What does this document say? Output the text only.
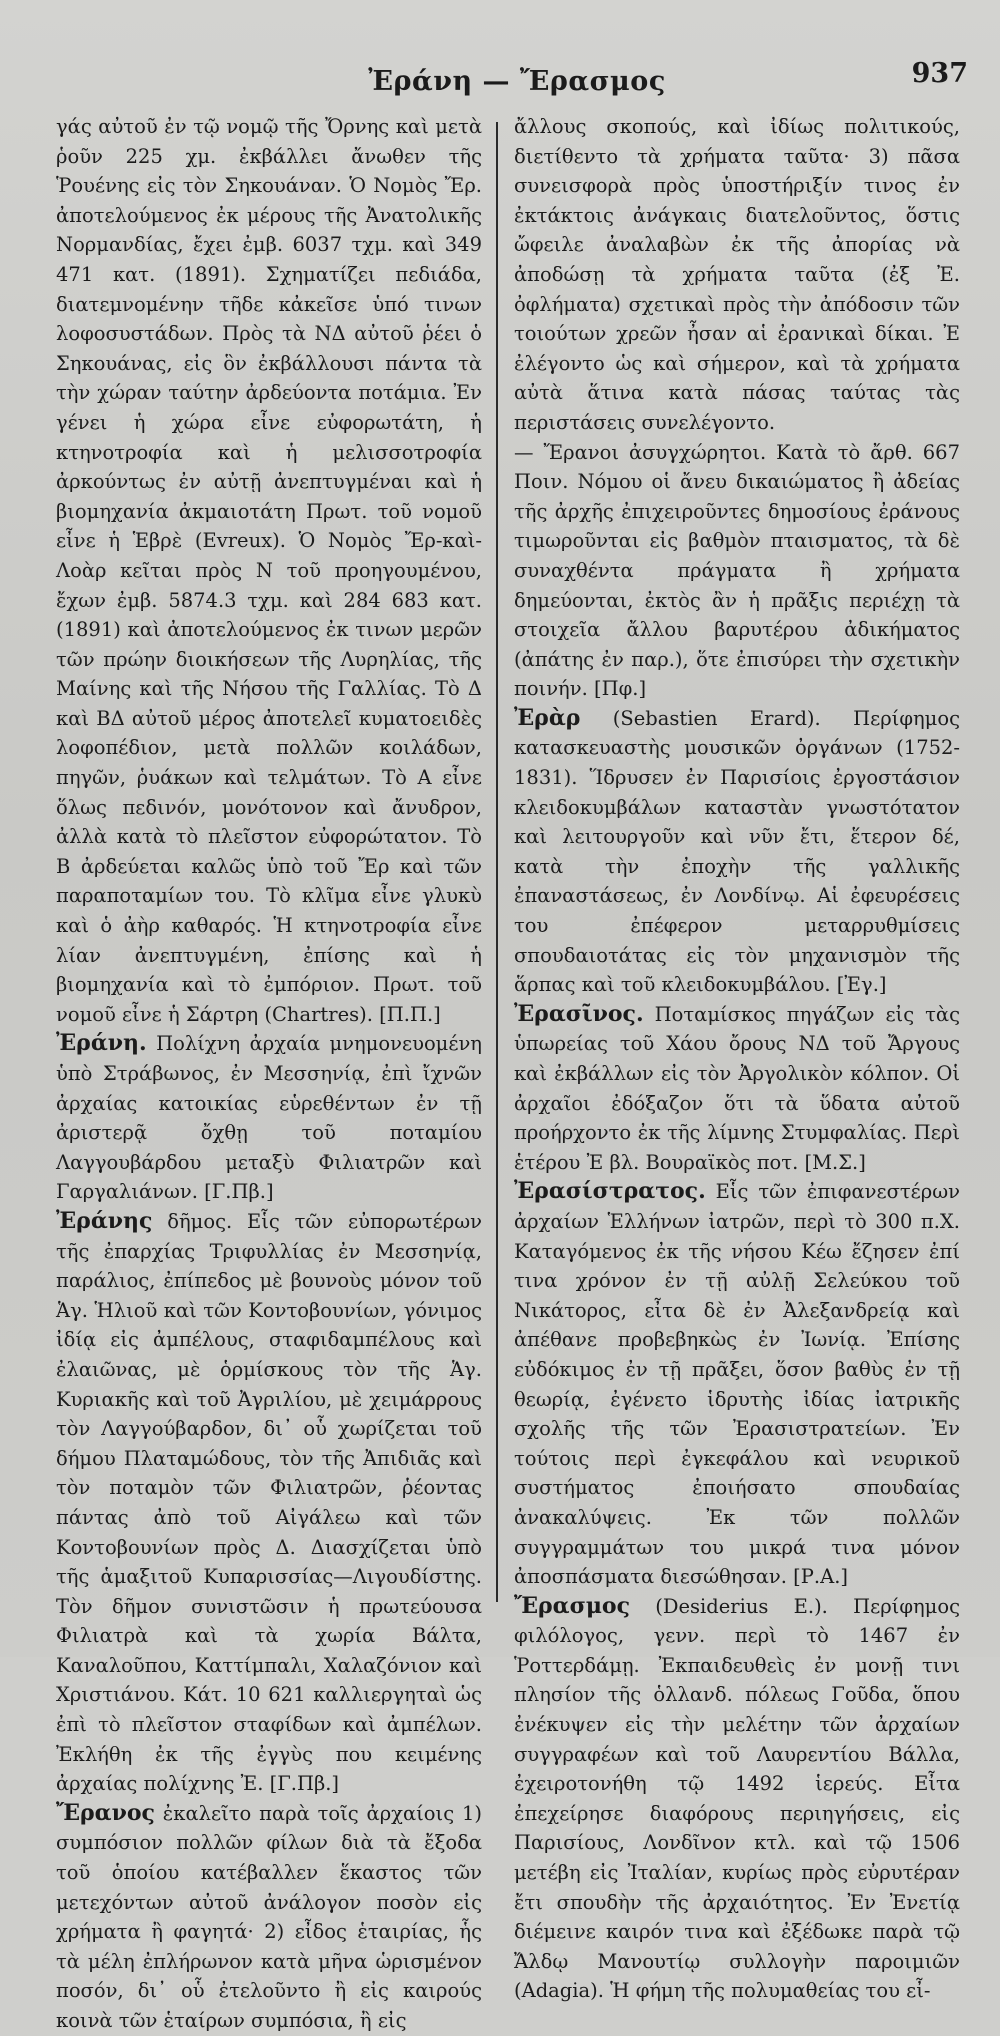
Ἐράνη — Ἔρασμος	937

γάς αὐτοῦ ἐν τῷ νομῷ τῆς Ὄρνης καὶ μετὰ ῥοῦν 225 χμ. ἐκβάλλει ἄνωθεν τῆς Ῥουένης εἰς τὸν Σηκουάναν. Ὁ Νομὸς Ἔρ. ἀποτελούμενος ἐκ μέρους τῆς Ἀνατολικῆς Νορμανδίας, ἔχει ἐμβ. 6037 τχμ. καὶ 349 471 κατ. (1891). Σχηματίζει πεδιάδα, διατεμνομένην τῆδε κἀκεῖσε ὑπό τινων λοφοσυστάδων. Πρὸς τὰ ΝΔ αὐτοῦ ῥέει ὁ Σηκουάνας, εἰς ὃν ἐκβάλλουσι πάντα τὰ τὴν χώραν ταύτην ἀρδεύοντα ποτάμια. Ἐν γένει ἡ χώρα εἶνε εὐφορωτάτη, ἡ κτηνοτροφία καὶ ἡ μελισσοτροφία ἀρκούντως ἐν αὐτῇ ἀνεπτυγμέναι καὶ ἡ βιομηχανία ἀκμαιοτάτη Πρωτ. τοῦ νομοῦ εἶνε ἡ Ἑβρὲ (Evreux). Ὁ Νομὸς Ἔρ-καὶ-Λοὰρ κεῖται πρὸς Ν τοῦ προηγουμένου, ἔχων ἐμβ. 5874.3 τχμ. καὶ 284 683 κατ. (1891) καὶ ἀποτελούμενος ἐκ τινων μερῶν τῶν πρώην διοικήσεων τῆς Λυρηλίας, τῆς Μαίνης καὶ τῆς Νήσου τῆς Γαλλίας. Τὸ Δ καὶ ΒΔ αὐτοῦ μέρος ἀποτελεῖ κυματοειδὲς λοφοπέδιον, μετὰ πολλῶν κοιλάδων, πηγῶν, ῥυάκων καὶ τελμάτων. Τὸ Α εἶνε ὅλως πεδινόν, μονότονον καὶ ἄνυδρον, ἀλλὰ κατὰ τὸ πλεῖστον εὐφορώτατον. Τὸ Β ἀρδεύεται καλῶς ὑπὸ τοῦ Ἔρ καὶ τῶν παραποταμίων του. Τὸ κλῖμα εἶνε γλυκὺ καὶ ὁ ἀὴρ καθαρός. Ἡ κτηνοτροφία εἶνε λίαν ἀνεπτυγμένη, ἐπίσης καὶ ἡ βιομηχανία καὶ τὸ ἐμπόριον. Πρωτ. τοῦ νομοῦ εἶνε ἡ Σάρτρη (Chartres). [Π.Π.]

Ἐράνη. Πολίχνη ἀρχαία μνημονευομένη ὑπὸ Στράβωνος, ἐν Μεσσηνίᾳ, ἐπὶ ἴχνῶν ἀρχαίας κατοικίας εὑρεθέντων ἐν τῇ ἀριστερᾷ ὄχθῃ τοῦ ποταμίου Λαγγουβάρδου μεταξὺ Φιλιατρῶν καὶ Γαργαλιάνων. [Γ.Πβ.]

Ἐράνης δῆμος. Εἷς τῶν εὐπορωτέρων τῆς ἐπαρχίας Τριφυλλίας ἐν Μεσσηνίᾳ, παράλιος, ἐπίπεδος μὲ βουνοὺς μόνον τοῦ Ἁγ. Ἡλιοῦ καὶ τῶν Κοντοβουνίων, γόνιμος ἰδίᾳ εἰς ἀμπέλους, σταφιδαμπέλους καὶ ἐλαιῶνας, μὲ ὁρμίσκους τὸν τῆς Ἁγ. Κυριακῆς καὶ τοῦ Ἀγριλίου, μὲ χειμάρρους τὸν Λαγγούβαρδον, δι᾽ οὗ χωρίζεται τοῦ δήμου Πλαταμώδους, τὸν τῆς Ἀπιδιᾶς καὶ τὸν ποταμὸν τῶν Φιλιατρῶν, ῥέοντας πάντας ἀπὸ τοῦ Αἰγάλεω καὶ τῶν Κοντοβουνίων πρὸς Δ. Διασχίζεται ὑπὸ τῆς ἁμαξιτοῦ Κυπαρισσίας—Λιγουδίστης. Τὸν δῆμον συνιστῶσιν ἡ πρωτεύουσα Φιλιατρὰ καὶ τὰ χωρία Βάλτα, Καναλοῦπου, Καττίμπαλι, Χαλαζόνιον καὶ Χριστιάνου. Κάτ. 10 621 καλλιεργηταὶ ὡς ἐπὶ τὸ πλεῖστον σταφίδων καὶ ἀμπέλων. Ἐκλήθη ἐκ τῆς ἐγγὺς που κειμένης ἀρχαίας πολίχνης Ἐ. [Γ.Πβ.]

Ἔρανος ἐκαλεῖτο παρὰ τοῖς ἀρχαίοις 1) συμπόσιον πολλῶν φίλων διὰ τὰ ἔξοδα τοῦ ὁποίου κατέβαλλεν ἕκαστος τῶν μετεχόντων αὐτοῦ ἀνάλογον ποσὸν εἰς χρήματα ἢ φαγητά· 2) εἶδος ἑταιρίας, ἧς τὰ μέλη ἐπλήρωνον κατὰ μῆνα ὡρισμένον ποσόν, δι᾽ οὗ ἐτελοῦντο ἢ εἰς καιρούς κοινὰ τῶν ἑταίρων συμπόσια, ἢ εἰς

ἄλλους σκοπούς, καὶ ἰδίως πολιτικούς, διετίθεντο τὰ χρήματα ταῦτα· 3) πᾶσα συνεισφορὰ πρὸς ὑποστήριξίν τινος ἐν ἐκτάκτοις ἀνάγκαις διατελοῦντος, ὅστις ὤφειλε ἀναλαβὼν ἐκ τῆς ἀπορίας νὰ ἀποδώσῃ τὰ χρήματα ταῦτα (ἐξ Ἐ. ὀφλήματα) σχετικαὶ πρὸς τὴν ἀπόδοσιν τῶν τοιούτων χρεῶν ἦσαν αἱ ἐρανικαὶ δίκαι. Ἐ ἐλέγοντο ὡς καὶ σήμερον, καὶ τὰ χρήματα αὐτὰ ἅτινα κατὰ πάσας ταύτας τὰς περιστάσεις συνελέγοντο.

— Ἔρανοι ἀσυγχώρητοι. Κατὰ τὸ ἄρθ. 667 Ποιν. Νόμου οἱ ἄνευ δικαιώματος ἢ ἀδείας τῆς ἀρχῆς ἐπιχειροῦντες δημοσίους ἐράνους τιμωροῦνται εἰς βαθμὸν πταισματος, τὰ δὲ συναχθέντα πράγματα ἢ χρήματα δημεύονται, ἐκτὸς ἂν ἡ πρᾶξις περιέχῃ τὰ στοιχεῖα ἄλλου βαρυτέρου ἀδικήματος (ἀπάτης ἐν παρ.), ὅτε ἐπισύρει τὴν σχετικὴν ποινήν. [Πφ.]

Ἐρὰρ (Sebastien Erard). Περίφημος κατασκευαστὴς μουσικῶν ὀργάνων (1752-1831). Ἵδρυσεν ἐν Παρισίοις ἐργοστάσιον κλειδοκυμβάλων καταστὰν γνωστότατον καὶ λειτουργοῦν καὶ νῦν ἔτι, ἕτερον δέ, κατὰ τὴν ἐποχὴν τῆς γαλλικῆς ἐπαναστάσεως, ἐν Λονδίνῳ. Αἱ ἐφευρέσεις του ἐπέφερον μεταρρυθμίσεις σπουδαιοτάτας εἰς τὸν μηχανισμὸν τῆς ἅρπας καὶ τοῦ κλειδοκυμβάλου. [Ἐγ.]

Ἐρασῖνος. Ποταμίσκος πηγάζων εἰς τὰς ὑπωρείας τοῦ Χάου ὄρους ΝΔ τοῦ Ἄργους καὶ ἐκβάλλων εἰς τὸν Ἀργολικὸν κόλπον. Οἱ ἀρχαῖοι ἐδόξαζον ὅτι τὰ ὕδατα αὐτοῦ προήρχοντο ἐκ τῆς λίμνης Στυμφαλίας. Περὶ ἑτέρου Ἐ βλ. Βουραϊκὸς ποτ. [Μ.Σ.]

Ἐρασίστρατος. Εἷς τῶν ἐπιφανεστέρων ἀρχαίων Ἑλλήνων ἰατρῶν, περὶ τὸ 300 π.Χ. Καταγόμενος ἐκ τῆς νήσου Κέω ἔζησεν ἐπί τινα χρόνον ἐν τῇ αὐλῇ Σελεύκου τοῦ Νικάτορος, εἶτα δὲ ἐν Ἀλεξανδρείᾳ καὶ ἀπέθανε προβεβηκὼς ἐν Ἰωνίᾳ. Ἐπίσης εὐδόκιμος ἐν τῇ πρᾶξει, ὅσον βαθὺς ἐν τῇ θεωρίᾳ, ἐγένετο ἱδρυτὴς ἰδίας ἰατρικῆς σχολῆς τῆς τῶν Ἐρασιστρατείων. Ἐν τούτοις περὶ ἐγκεφάλου καὶ νευρικοῦ συστήματος ἐποιήσατο σπουδαίας ἀνακαλύψεις. Ἐκ τῶν πολλῶν συγγραμμάτων του μικρά τινα μόνον ἀποσπάσματα διεσώθησαν. [Ρ.Α.]

Ἔρασμος (Desiderius E.). Περίφημος φιλόλογος, γενν. περὶ τὸ 1467 ἐν Ῥοττερδάμῃ. Ἐκπαιδευθεὶς ἐν μονῇ τινι πλησίον τῆς ὁλλανδ. πόλεως Γοῦδα, ὅπου ἐνέκυψεν εἰς τὴν μελέτην τῶν ἀρχαίων συγγραφέων καὶ τοῦ Λαυρεντίου Βάλλα, ἐχειροτονήθη τῷ 1492 ἱερεύς. Εἶτα ἐπεχείρησε διαφόρους περιηγήσεις, εἰς Παρισίους, Λονδῖνον κτλ. καὶ τῷ 1506 μετέβη εἰς Ἰταλίαν, κυρίως πρὸς εὐρυτέραν ἔτι σπουδὴν τῆς ἀρχαιότητος. Ἐν Ἐνετίᾳ διέμεινε καιρόν τινα καὶ ἐξέδωκε παρὰ τῷ Ἄλδῳ Μανουτίῳ συλλογὴν παροιμιῶν (Adagia). Ἡ φήμη τῆς πολυμαθείας του εἶ-
